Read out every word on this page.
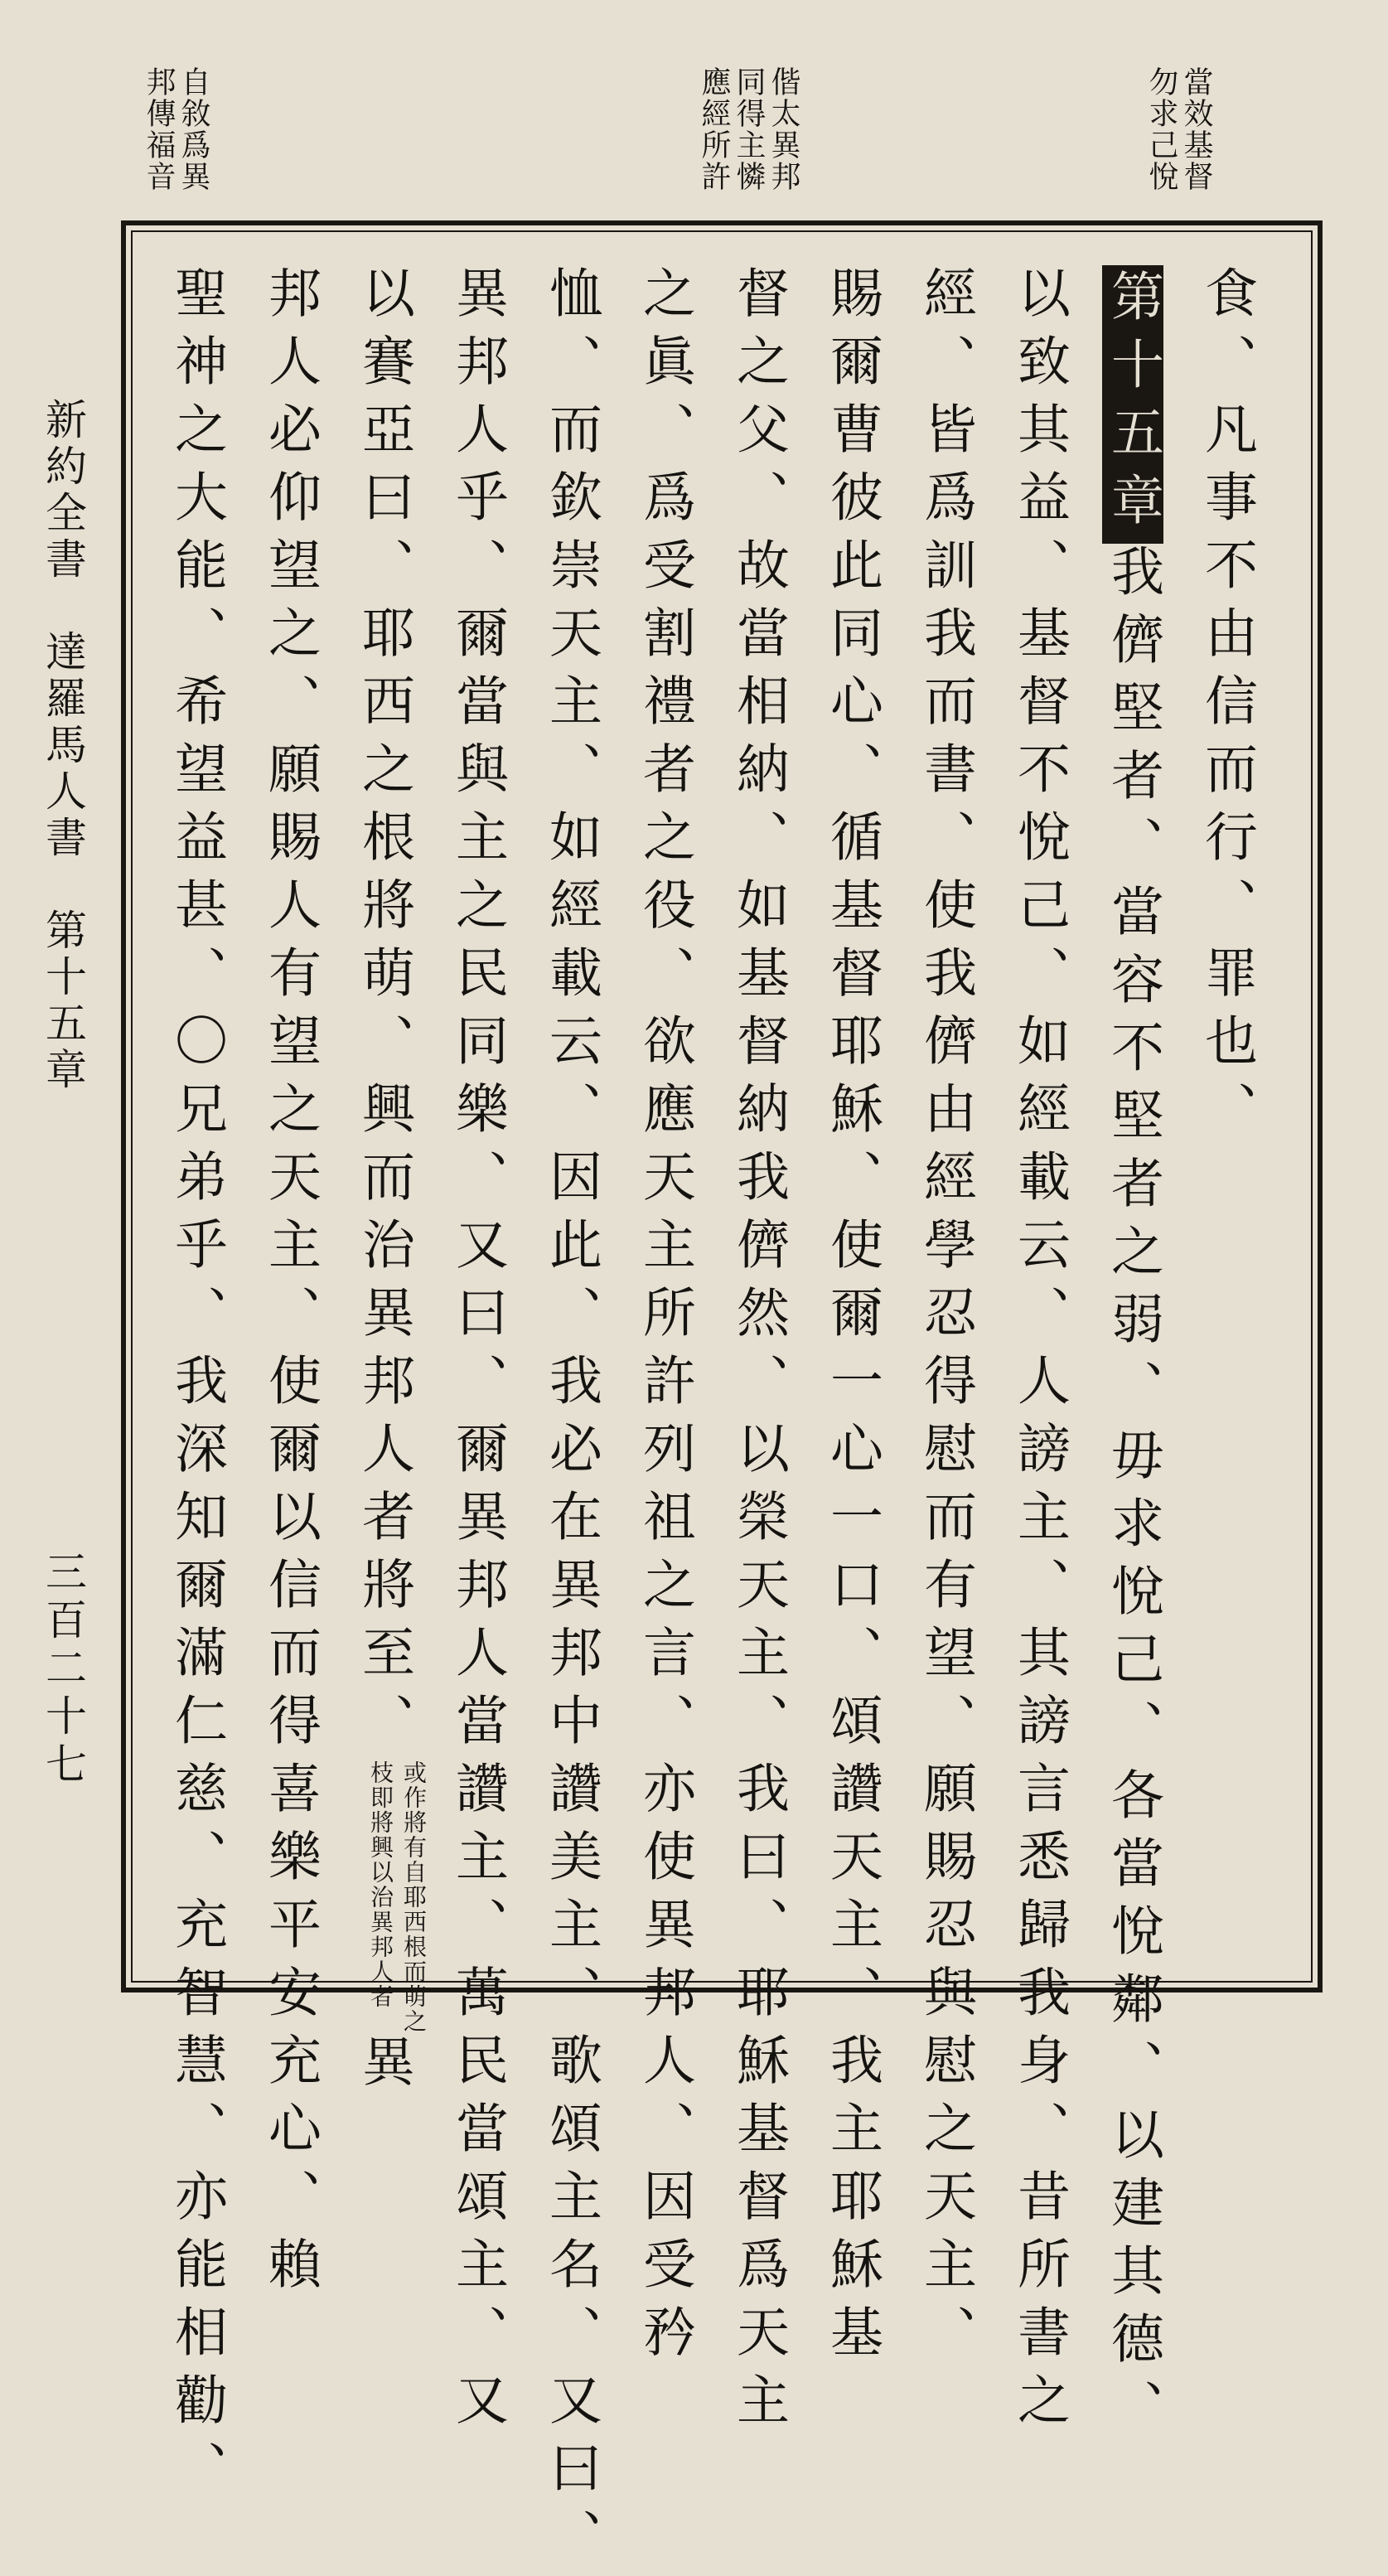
當效基督
勿求己悅
偕太異邦
同得主憐
應經所許
自敘爲異
邦傳福音
食、凡事不由信而行、罪也、
第十五章我儕堅者、當容不堅者之弱、毋求悅己、各當悅鄰、以建其德、
以致其益、基督不悅己、如經載云、人謗主、其謗言悉歸我身、昔所書之
經、皆爲訓我而書、使我儕由經學忍得慰而有望、願賜忍與慰之天主、
賜爾曹彼此同心、循基督耶穌、使爾一心一口、頌讚天主、我主耶穌基
督之父、故當相納、如基督納我儕然、以榮天主、我曰、耶穌基督爲天主
之眞、爲受割禮者之役、欲應天主所許列祖之言、亦使異邦人、因受矜
恤、而欽崇天主、如經載云、因此、我必在異邦中讚美主、歌頌主名、又曰、
異邦人乎、爾當與主之民同樂、又曰、爾異邦人當讚主、萬民當頌主、又
以賽亞曰、耶西之根將萌、興而治異邦人者將至、或作將有自耶西根而萌之
枝即將興以治異邦人者異
邦人必仰望之、願賜人有望之天主、使爾以信而得喜樂平安充心、賴
聖神之大能、希望益甚、〇兄弟乎、我深知爾滿仁慈、充智慧、亦能相勸、
新約全書　達羅馬人書　第十五章
三百二十七
